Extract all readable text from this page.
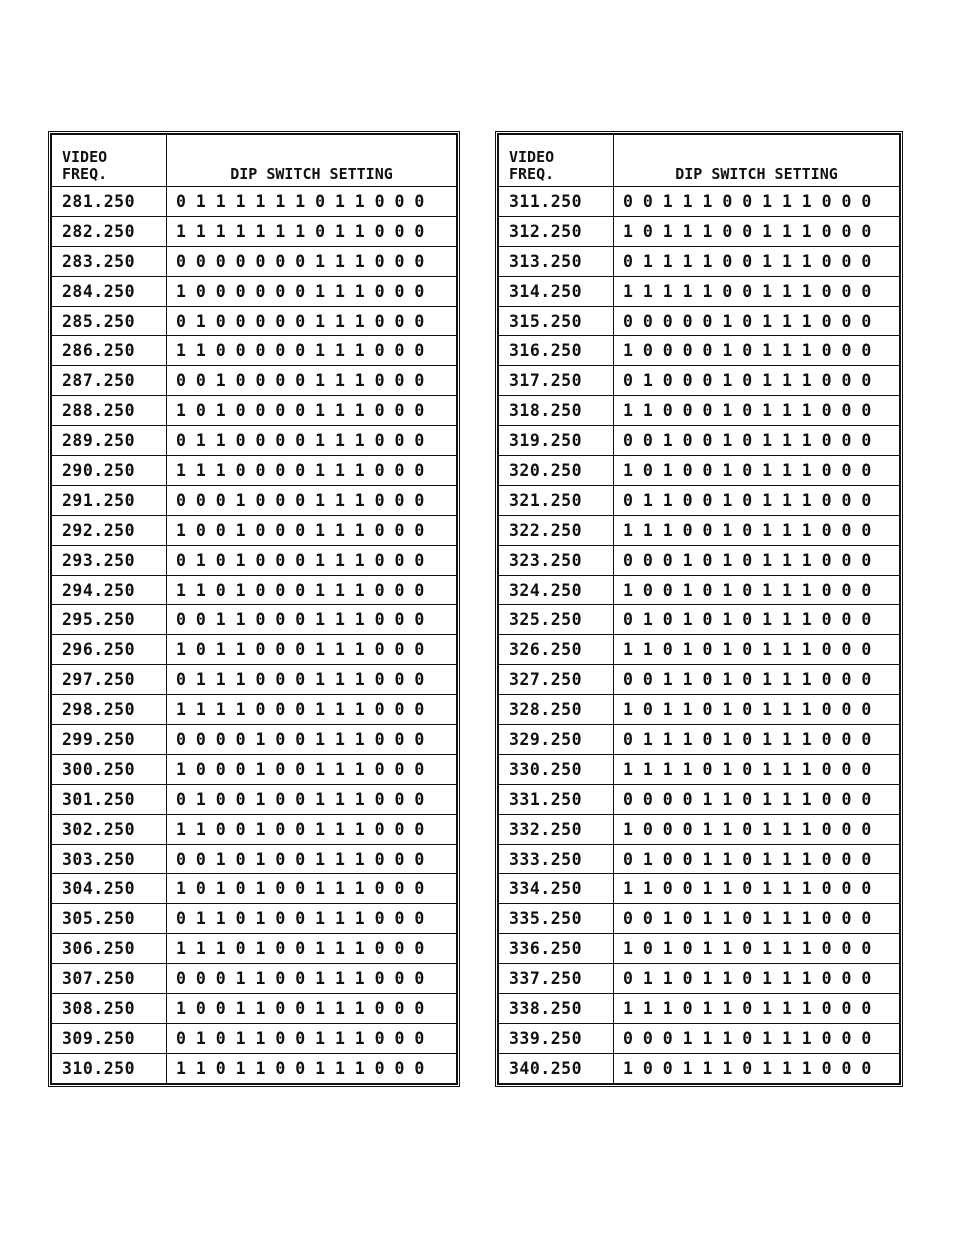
VIDEO
FREQ.	DIP SWITCH SETTING
281.250	0 1 1 1 1 1 1 0 1 1 0 0 0
282.250	1 1 1 1 1 1 1 0 1 1 0 0 0
283.250	0 0 0 0 0 0 0 1 1 1 0 0 0
284.250	1 0 0 0 0 0 0 1 1 1 0 0 0
285.250	0 1 0 0 0 0 0 1 1 1 0 0 0
286.250	1 1 0 0 0 0 0 1 1 1 0 0 0
287.250	0 0 1 0 0 0 0 1 1 1 0 0 0
288.250	1 0 1 0 0 0 0 1 1 1 0 0 0
289.250	0 1 1 0 0 0 0 1 1 1 0 0 0
290.250	1 1 1 0 0 0 0 1 1 1 0 0 0
291.250	0 0 0 1 0 0 0 1 1 1 0 0 0
292.250	1 0 0 1 0 0 0 1 1 1 0 0 0
293.250	0 1 0 1 0 0 0 1 1 1 0 0 0
294.250	1 1 0 1 0 0 0 1 1 1 0 0 0
295.250	0 0 1 1 0 0 0 1 1 1 0 0 0
296.250	1 0 1 1 0 0 0 1 1 1 0 0 0
297.250	0 1 1 1 0 0 0 1 1 1 0 0 0
298.250	1 1 1 1 0 0 0 1 1 1 0 0 0
299.250	0 0 0 0 1 0 0 1 1 1 0 0 0
300.250	1 0 0 0 1 0 0 1 1 1 0 0 0
301.250	0 1 0 0 1 0 0 1 1 1 0 0 0
302.250	1 1 0 0 1 0 0 1 1 1 0 0 0
303.250	0 0 1 0 1 0 0 1 1 1 0 0 0
304.250	1 0 1 0 1 0 0 1 1 1 0 0 0
305.250	0 1 1 0 1 0 0 1 1 1 0 0 0
306.250	1 1 1 0 1 0 0 1 1 1 0 0 0
307.250	0 0 0 1 1 0 0 1 1 1 0 0 0
308.250	1 0 0 1 1 0 0 1 1 1 0 0 0
309.250	0 1 0 1 1 0 0 1 1 1 0 0 0
310.250	1 1 0 1 1 0 0 1 1 1 0 0 0
VIDEO
FREQ.	DIP SWITCH SETTING
311.250	0 0 1 1 1 0 0 1 1 1 0 0 0
312.250	1 0 1 1 1 0 0 1 1 1 0 0 0
313.250	0 1 1 1 1 0 0 1 1 1 0 0 0
314.250	1 1 1 1 1 0 0 1 1 1 0 0 0
315.250	0 0 0 0 0 1 0 1 1 1 0 0 0
316.250	1 0 0 0 0 1 0 1 1 1 0 0 0
317.250	0 1 0 0 0 1 0 1 1 1 0 0 0
318.250	1 1 0 0 0 1 0 1 1 1 0 0 0
319.250	0 0 1 0 0 1 0 1 1 1 0 0 0
320.250	1 0 1 0 0 1 0 1 1 1 0 0 0
321.250	0 1 1 0 0 1 0 1 1 1 0 0 0
322.250	1 1 1 0 0 1 0 1 1 1 0 0 0
323.250	0 0 0 1 0 1 0 1 1 1 0 0 0
324.250	1 0 0 1 0 1 0 1 1 1 0 0 0
325.250	0 1 0 1 0 1 0 1 1 1 0 0 0
326.250	1 1 0 1 0 1 0 1 1 1 0 0 0
327.250	0 0 1 1 0 1 0 1 1 1 0 0 0
328.250	1 0 1 1 0 1 0 1 1 1 0 0 0
329.250	0 1 1 1 0 1 0 1 1 1 0 0 0
330.250	1 1 1 1 0 1 0 1 1 1 0 0 0
331.250	0 0 0 0 1 1 0 1 1 1 0 0 0
332.250	1 0 0 0 1 1 0 1 1 1 0 0 0
333.250	0 1 0 0 1 1 0 1 1 1 0 0 0
334.250	1 1 0 0 1 1 0 1 1 1 0 0 0
335.250	0 0 1 0 1 1 0 1 1 1 0 0 0
336.250	1 0 1 0 1 1 0 1 1 1 0 0 0
337.250	0 1 1 0 1 1 0 1 1 1 0 0 0
338.250	1 1 1 0 1 1 0 1 1 1 0 0 0
339.250	0 0 0 1 1 1 0 1 1 1 0 0 0
340.250	1 0 0 1 1 1 0 1 1 1 0 0 0
